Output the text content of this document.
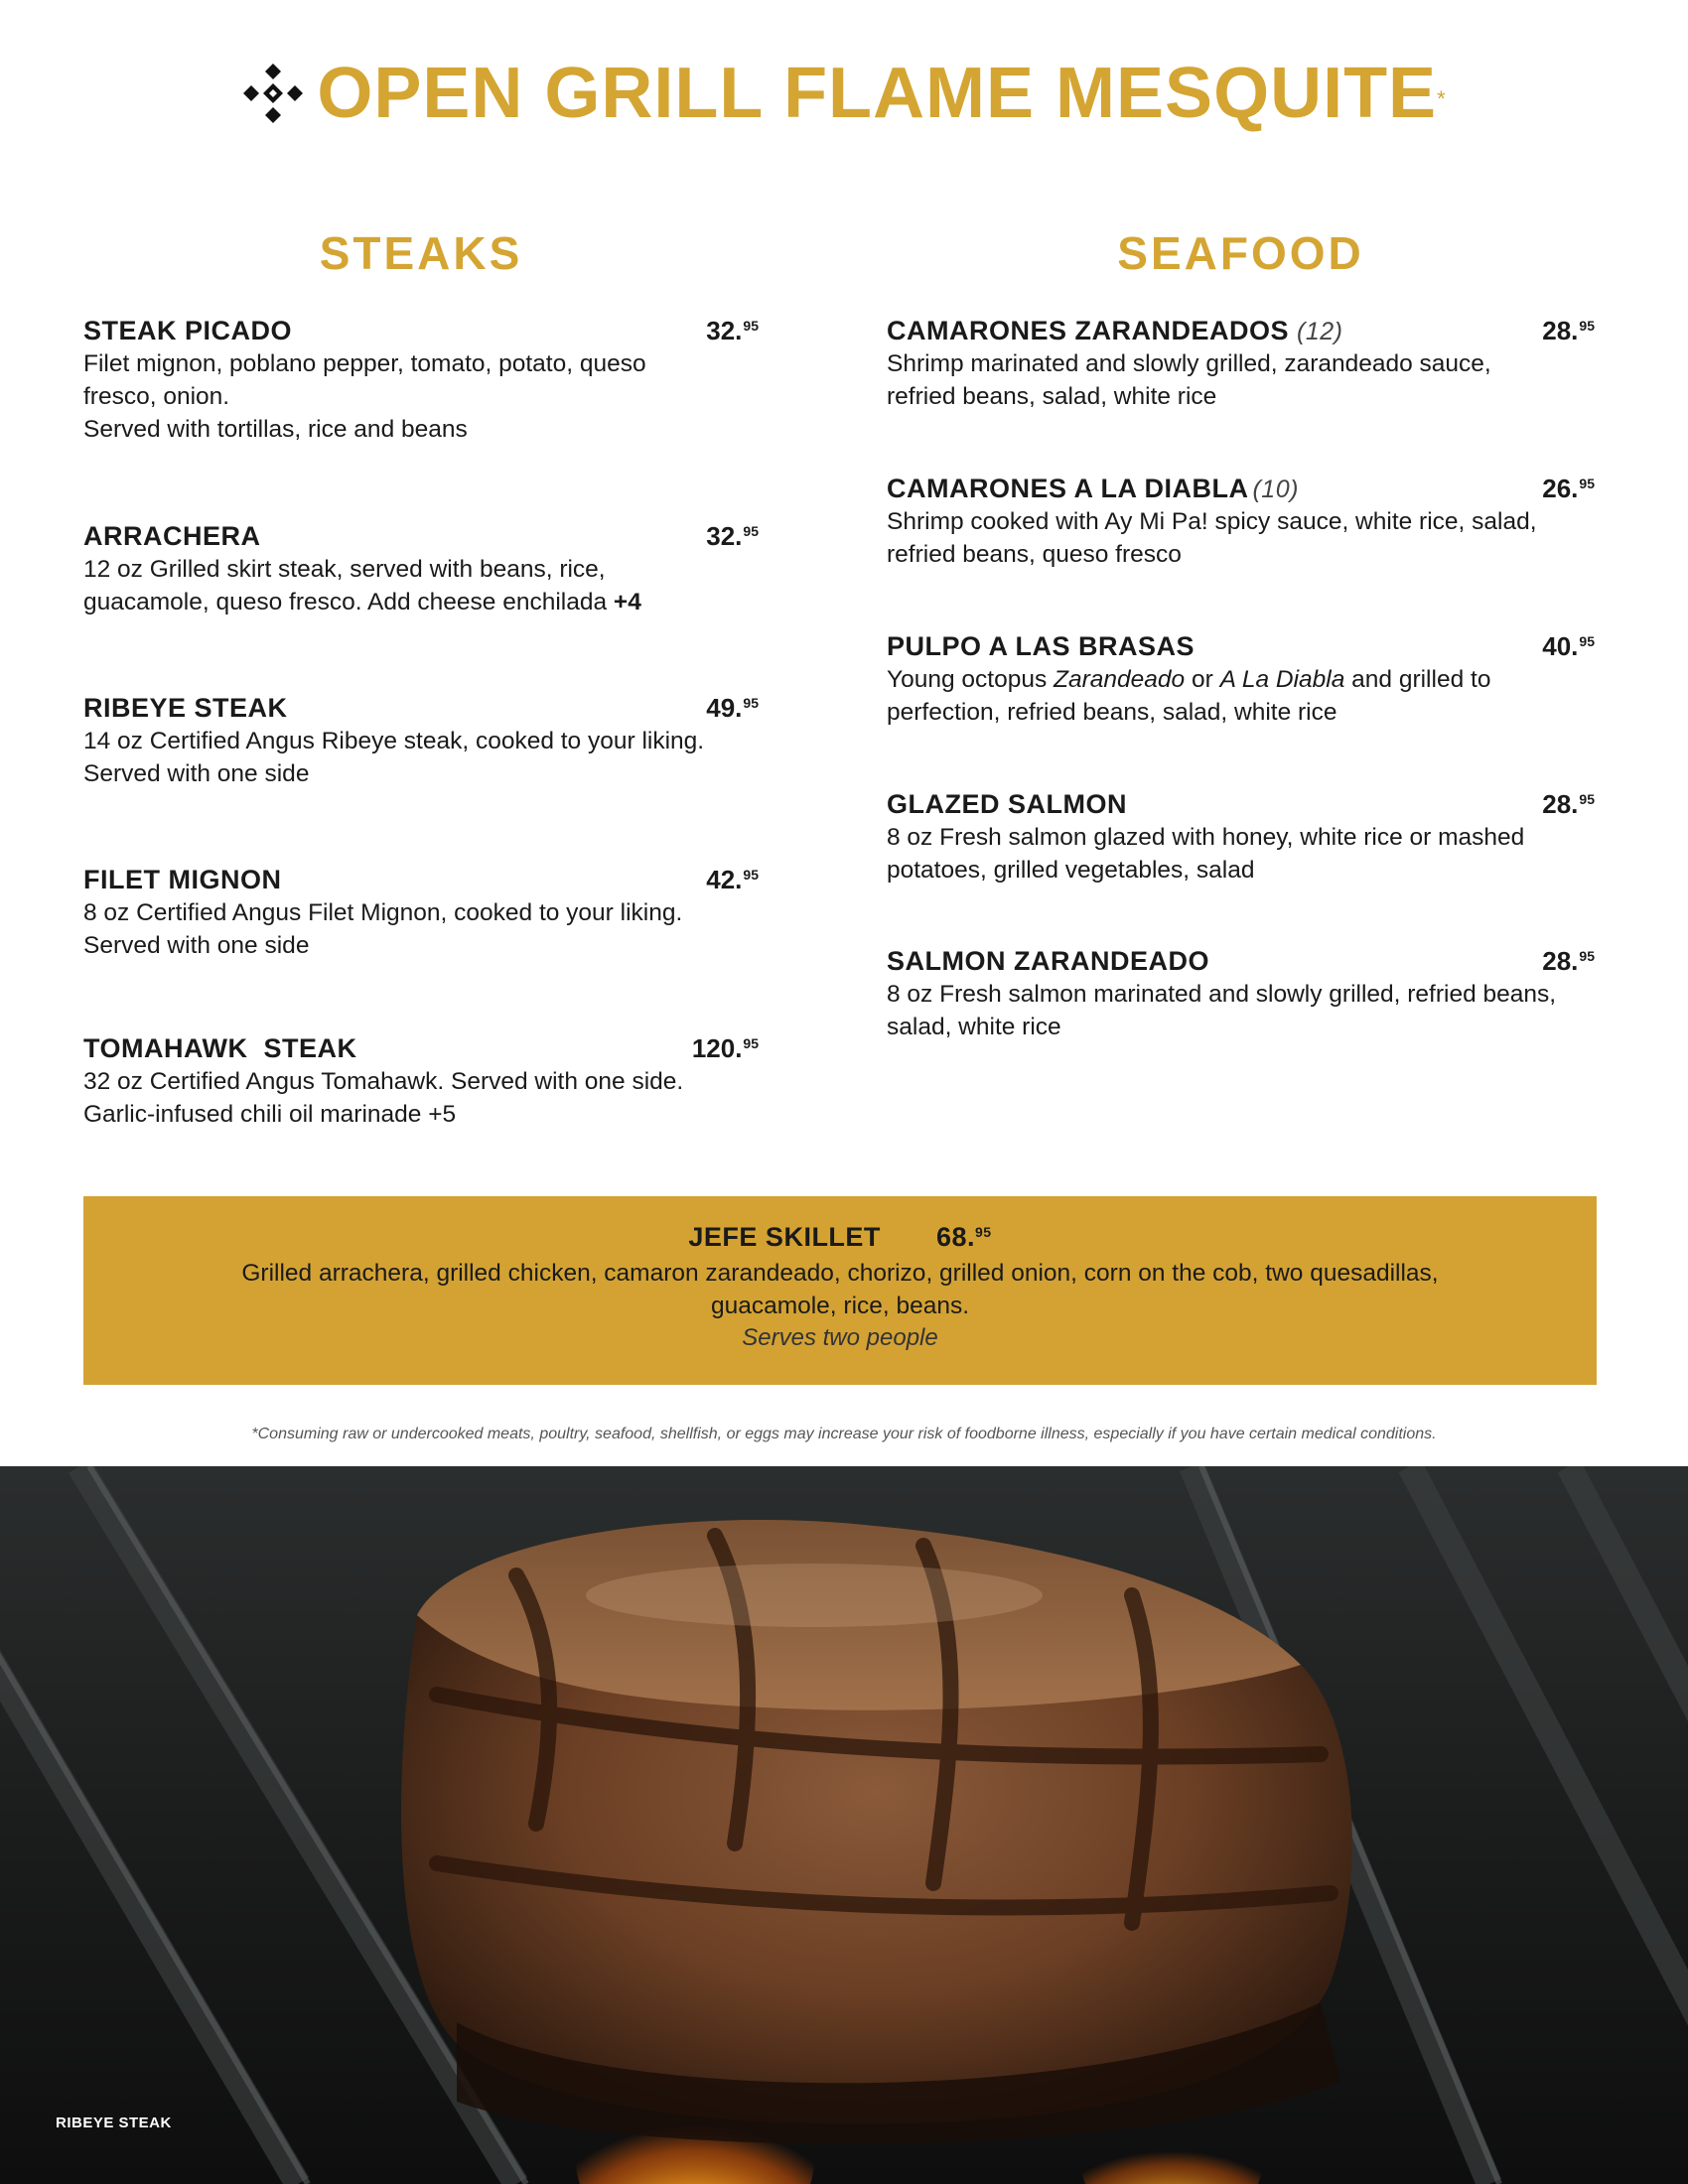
OPEN GRILL FLAME MESQUITE*
STEAKS	SEAFOOD
STEAK PICADO	32.95
Filet mignon, poblano pepper, tomato, potato, queso
fresco, onion.
Served with tortillas, rice and beans
ARRACHERA	32.95
12 oz Grilled skirt steak, served with beans, rice,
guacamole, queso fresco. Add cheese enchilada +4
RIBEYE STEAK	49.95
14 oz Certified Angus Ribeye steak, cooked to your liking.
Served with one side
FILET MIGNON	42.95
8 oz Certified Angus Filet Mignon, cooked to your liking.
Served with one side
TOMAHAWK  STEAK	120.95
32 oz Certified Angus Tomahawk. Served with one side.
Garlic-infused chili oil marinade +5
CAMARONES ZARANDEADOS (12)	28.95
Shrimp marinated and slowly grilled, zarandeado sauce,
refried beans, salad, white rice
CAMARONES A LA DIABLA (10)	26.95
Shrimp cooked with Ay Mi Pa! spicy sauce, white rice, salad,
refried beans, queso fresco
PULPO A LAS BRASAS	40.95
Young octopus Zarandeado or A La Diabla and grilled to
perfection, refried beans, salad, white rice
GLAZED SALMON	28.95
8 oz Fresh salmon glazed with honey, white rice or mashed
potatoes, grilled vegetables, salad
SALMON ZARANDEADO	28.95
8 oz Fresh salmon marinated and slowly grilled, refried beans,
salad, white rice
JEFE SKILLET 68.95
Grilled arrachera, grilled chicken, camaron zarandeado, chorizo, grilled onion, corn on the cob, two quesadillas,
guacamole, rice, beans.
Serves two people
*Consuming raw or undercooked meats, poultry, seafood, shellfish, or eggs may increase your risk of foodborne illness, especially if you have certain medical conditions.
RIBEYE STEAK
